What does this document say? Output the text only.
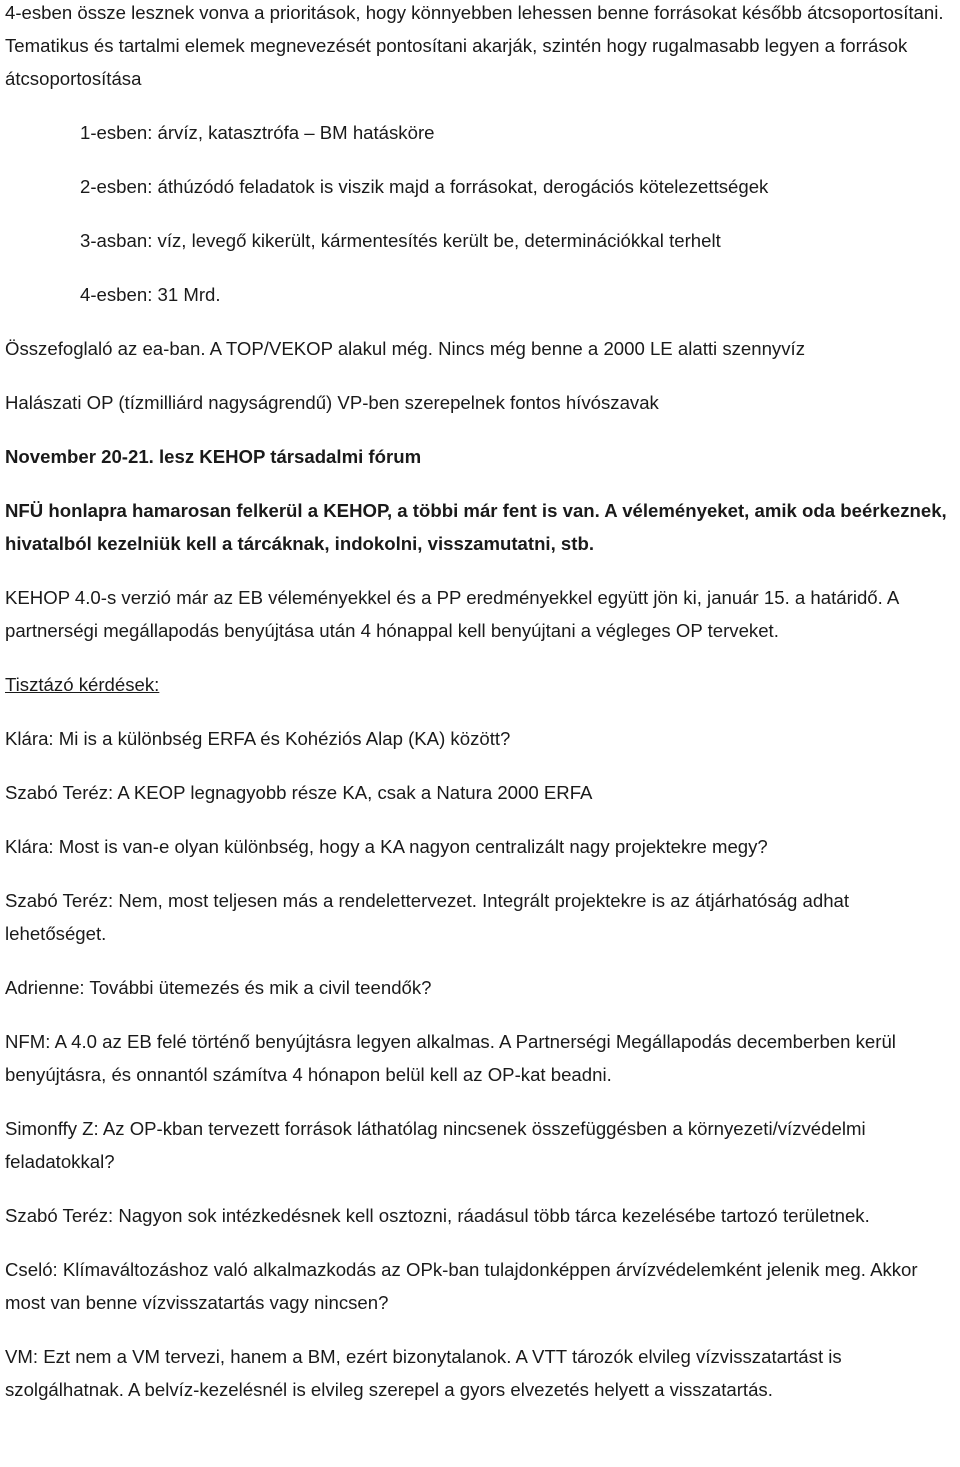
4-esben össze lesznek vonva a prioritások, hogy könnyebben lehessen benne forrásokat később átcsoportosítani. Tematikus és tartalmi elemek megnevezését pontosítani akarják, szintén hogy rugalmasabb legyen a források átcsoportosítása

1-esben: árvíz, katasztrófa – BM hatásköre

2-esben: áthúzódó feladatok is viszik majd a forrásokat, derogációs kötelezettségek

3-asban: víz, levegő kikerült, kármentesítés került be, determinációkkal terhelt

4-esben: 31 Mrd.

Összefoglaló az ea-ban. A TOP/VEKOP alakul még. Nincs még benne a 2000 LE alatti szennyvíz

Halászati OP (tízmilliárd nagyságrendű) VP-ben szerepelnek fontos hívószavak

November 20-21. lesz KEHOP társadalmi fórum

NFÜ honlapra hamarosan felkerül a KEHOP, a többi már fent is van. A véleményeket, amik oda beérkeznek, hivatalból kezelniük kell a tárcáknak, indokolni, visszamutatni, stb.

KEHOP 4.0-s verzió már az EB véleményekkel és a PP eredményekkel együtt jön ki, január 15. a határidő. A partnerségi megállapodás benyújtása után 4 hónappal kell benyújtani a végleges OP terveket.

Tisztázó kérdések:

Klára: Mi is a különbség ERFA és Kohéziós Alap (KA) között?

Szabó Teréz: A KEOP legnagyobb része KA, csak a Natura 2000 ERFA

Klára: Most is van-e olyan különbség, hogy a KA nagyon centralizált nagy projektekre megy?

Szabó Teréz: Nem, most teljesen más a rendelettervezet. Integrált projektekre is az átjárhatóság adhat lehetőséget.

Adrienne: További ütemezés és mik a civil teendők?

NFM: A 4.0 az EB felé történő benyújtásra legyen alkalmas. A Partnerségi Megállapodás decemberben kerül benyújtásra, és onnantól számítva 4 hónapon belül kell az OP-kat beadni.

Simonffy Z: Az OP-kban tervezett források láthatólag nincsenek összefüggésben a környezeti/vízvédelmi feladatokkal?

Szabó Teréz: Nagyon sok intézkedésnek kell osztozni, ráadásul több tárca kezelésébe tartozó területnek.

Cseló: Klímaváltozáshoz való alkalmazkodás az OPk-ban tulajdonképpen árvízvédelemként jelenik meg. Akkor most van benne vízvisszatartás vagy nincsen?

VM: Ezt nem a VM tervezi, hanem a BM, ezért bizonytalanok. A VTT tározók elvileg vízvisszatartást is szolgálhatnak. A belvíz-kezelésnél is elvileg szerepel a gyors elvezetés helyett a visszatartás.
